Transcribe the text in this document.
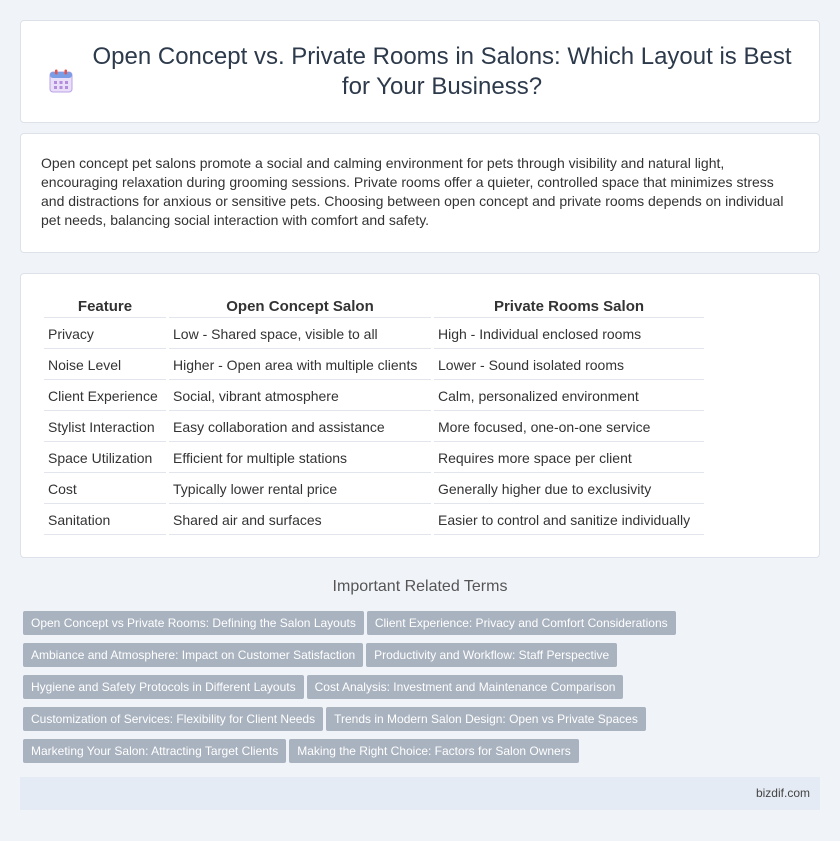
Open Concept vs. Private Rooms in Salons: Which Layout is Best for Your Business?

Open concept pet salons promote a social and calming environment for pets through visibility and natural light, encouraging relaxation during grooming sessions. Private rooms offer a quieter, controlled space that minimizes stress and distractions for anxious or sensitive pets. Choosing between open concept and private rooms depends on individual pet needs, balancing social interaction with comfort and safety.

Feature	Open Concept Salon	Private Rooms Salon
Privacy	Low - Shared space, visible to all	High - Individual enclosed rooms
Noise Level	Higher - Open area with multiple clients	Lower - Sound isolated rooms
Client Experience	Social, vibrant atmosphere	Calm, personalized environment
Stylist Interaction	Easy collaboration and assistance	More focused, one-on-one service
Space Utilization	Efficient for multiple stations	Requires more space per client
Cost	Typically lower rental price	Generally higher due to exclusivity
Sanitation	Shared air and surfaces	Easier to control and sanitize individually
Important Related Terms
Open Concept vs Private Rooms: Defining the Salon Layouts Client Experience: Privacy and Comfort Considerations
Ambiance and Atmosphere: Impact on Customer Satisfaction Productivity and Workflow: Staff Perspective
Hygiene and Safety Protocols in Different Layouts Cost Analysis: Investment and Maintenance Comparison
Customization of Services: Flexibility for Client Needs Trends in Modern Salon Design: Open vs Private Spaces
Marketing Your Salon: Attracting Target Clients Making the Right Choice: Factors for Salon Owners
bizdif.com
